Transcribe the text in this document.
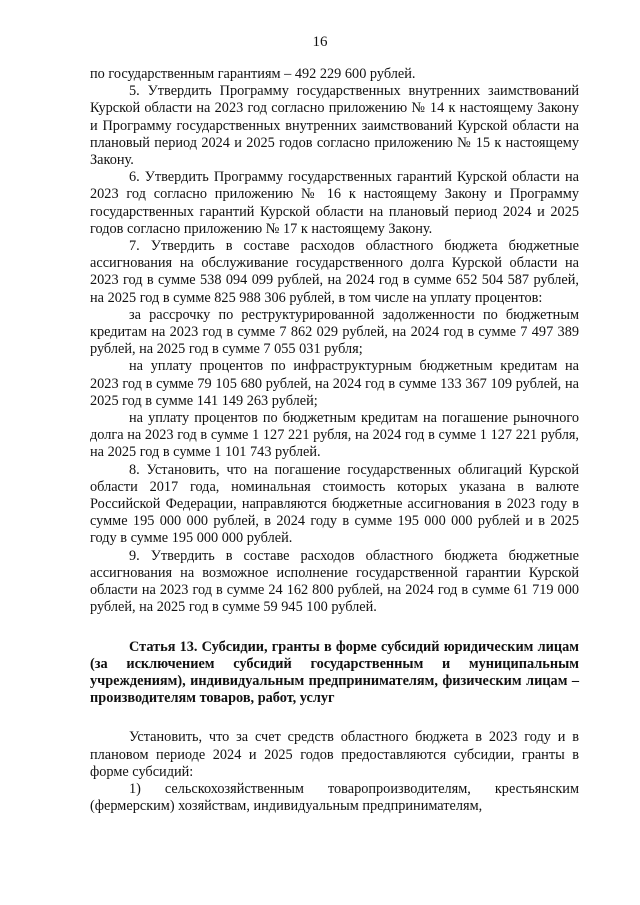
16

по государственным гарантиям – 492 229 600 рублей.

5. Утвердить Программу государственных внутренних заимствований Курской области на 2023 год согласно приложению № 14 к настоящему Закону и Программу государственных внутренних заимствований Курской области на плановый период 2024 и 2025 годов согласно приложению № 15 к настоящему Закону.

6. Утвердить Программу государственных гарантий Курской области на 2023 год согласно приложению № 16 к настоящему Закону и Программу государственных гарантий Курской области на плановый период 2024 и 2025 годов согласно приложению № 17 к настоящему Закону.

7. Утвердить в составе расходов областного бюджета бюджетные ассигнования на обслуживание государственного долга Курской области на 2023 год в сумме 538 094 099 рублей, на 2024 год в сумме 652 504 587 рублей, на 2025 год в сумме 825 988 306 рублей, в том числе на уплату процентов:

за рассрочку по реструктурированной задолженности по бюджетным кредитам на 2023 год в сумме 7 862 029 рублей, на 2024 год в сумме 7 497 389 рублей, на 2025 год в сумме 7 055 031 рубля;

на уплату процентов по инфраструктурным бюджетным кредитам на 2023 год в сумме 79 105 680 рублей, на 2024 год в сумме 133 367 109 рублей, на 2025 год в сумме 141 149 263 рублей;

на уплату процентов по бюджетным кредитам на погашение рыночного долга на 2023 год в сумме 1 127 221 рубля, на 2024 год в сумме 1 127 221 рубля, на 2025 год в сумме 1 101 743 рублей.

8. Установить, что на погашение государственных облигаций Курской области 2017 года, номинальная стоимость которых указана в валюте Российской Федерации, направляются бюджетные ассигнования в 2023 году в сумме 195 000 000 рублей, в 2024 году в сумме 195 000 000 рублей и в 2025 году в сумме 195 000 000 рублей.

9. Утвердить в составе расходов областного бюджета бюджетные ассигнования на возможное исполнение государственной гарантии Курской области на 2023 год в сумме 24 162 800 рублей, на 2024 год в сумме 61 719 000 рублей, на 2025 год в сумме 59 945 100 рублей.

Статья 13. Субсидии, гранты в форме субсидий юридическим лицам (за исключением субсидий государственным и муниципальным учреждениям), индивидуальным предпринимателям, физическим лицам – производителям товаров, работ, услуг

Установить, что за счет средств областного бюджета в 2023 году и в плановом периоде 2024 и 2025 годов предоставляются субсидии, гранты в форме субсидий:

1) сельскохозяйственным товаропроизводителям, крестьянским (фермерским) хозяйствам, индивидуальным предпринимателям,
